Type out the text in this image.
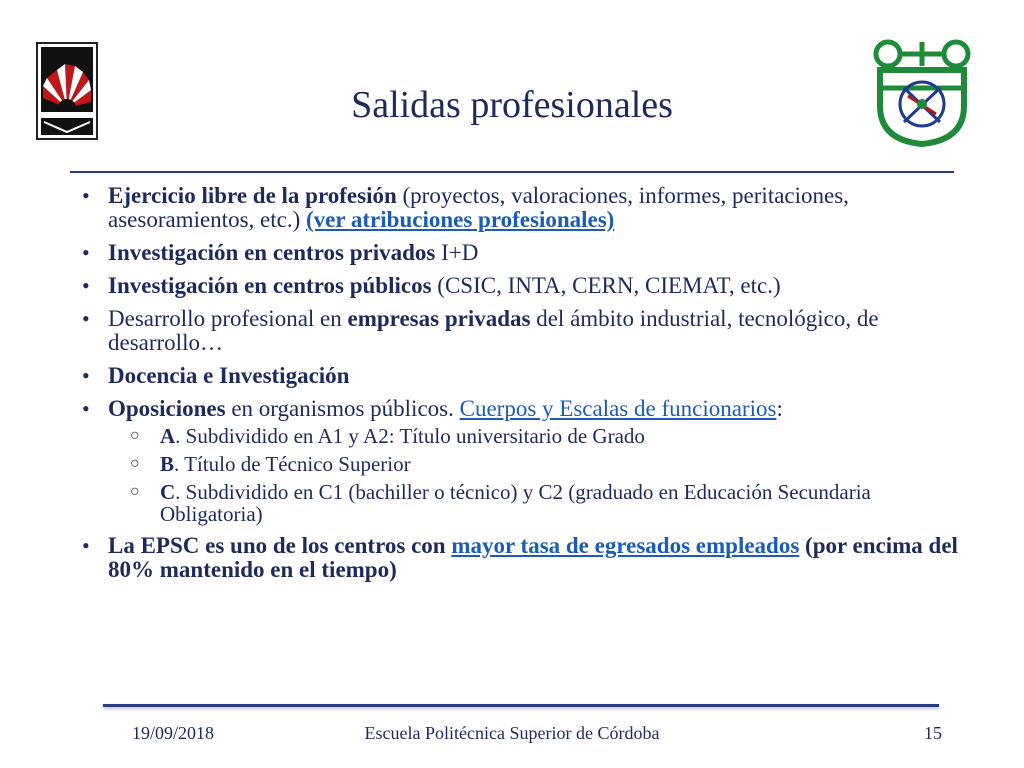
Salidas profesionales
• Ejercicio libre de la profesión (proyectos, valoraciones, informes, peritaciones, asesoramientos, etc.) (ver atribuciones profesionales)
• Investigación en centros privados I+D
• Investigación en centros públicos (CSIC, INTA, CERN, CIEMAT, etc.)
• Desarrollo profesional en empresas privadas del ámbito industrial, tecnológico, de desarrollo…
• Docencia e Investigación
• Oposiciones en organismos públicos. Cuerpos y Escalas de funcionarios:
○ A. Subdividido en A1 y A2: Título universitario de Grado
○ B. Título de Técnico Superior
○ C. Subdividido en C1 (bachiller o técnico) y C2 (graduado en Educación Secundaria Obligatoria)
• La EPSC es uno de los centros con mayor tasa de egresados empleados (por encima del 80% mantenido en el tiempo)
Escuela Politécnica Superior de Córdoba
19/09/2018	15
